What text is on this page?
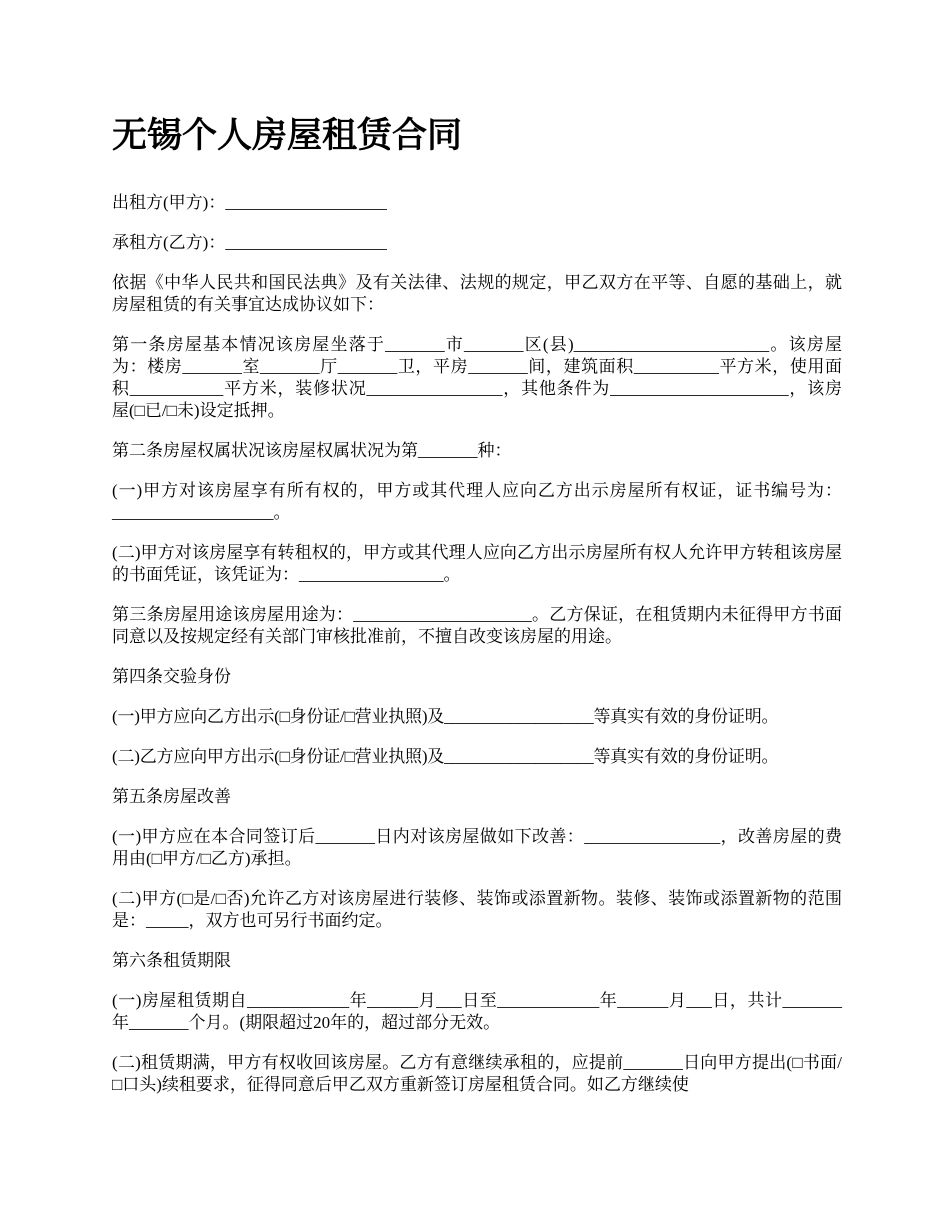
无锡个人房屋租赁合同

出租方(甲方)：___________________

承租方(乙方)：___________________

依据《中华人民共和国民法典》及有关法律、法规的规定，甲乙双方在平等、自愿的基础上，就房屋租赁的有关事宜达成协议如下：

第一条房屋基本情况该房屋坐落于_______市_______区(县)_______________________。该房屋为：楼房_______室_______厅_______卫，平房_______间，建筑面积__________平方米，使用面积___________平方米，装修状况________________，其他条件为_____________________，该房屋(□已/□未)设定抵押。

第二条房屋权属状况该房屋权属状况为第_______种：

(一)甲方对该房屋享有所有权的，甲方或其代理人应向乙方出示房屋所有权证，证书编号为：___________________。

(二)甲方对该房屋享有转租权的，甲方或其代理人应向乙方出示房屋所有权人允许甲方转租该房屋的书面凭证，该凭证为：_________________。

第三条房屋用途该房屋用途为：_____________________。乙方保证，在租赁期内未征得甲方书面同意以及按规定经有关部门审核批准前，不擅自改变该房屋的用途。

第四条交验身份

(一)甲方应向乙方出示(□身份证/□营业执照)及__________________等真实有效的身份证明。

(二)乙方应向甲方出示(□身份证/□营业执照)及__________________等真实有效的身份证明。

第五条房屋改善

(一)甲方应在本合同签订后_______日内对该房屋做如下改善：________________，改善房屋的费用由(□甲方/□乙方)承担。

(二)甲方(□是/□否)允许乙方对该房屋进行装修、装饰或添置新物。装修、装饰或添置新物的范围是：_____，双方也可另行书面约定。

第六条租赁期限

(一)房屋租赁期自____________年______月___日至____________年______月___日，共计_______年_______个月。(期限超过20年的，超过部分无效。

(二)租赁期满，甲方有权收回该房屋。乙方有意继续承租的，应提前_______日向甲方提出(□书面/□口头)续租要求，征得同意后甲乙双方重新签订房屋租赁合同。如乙方继续使
